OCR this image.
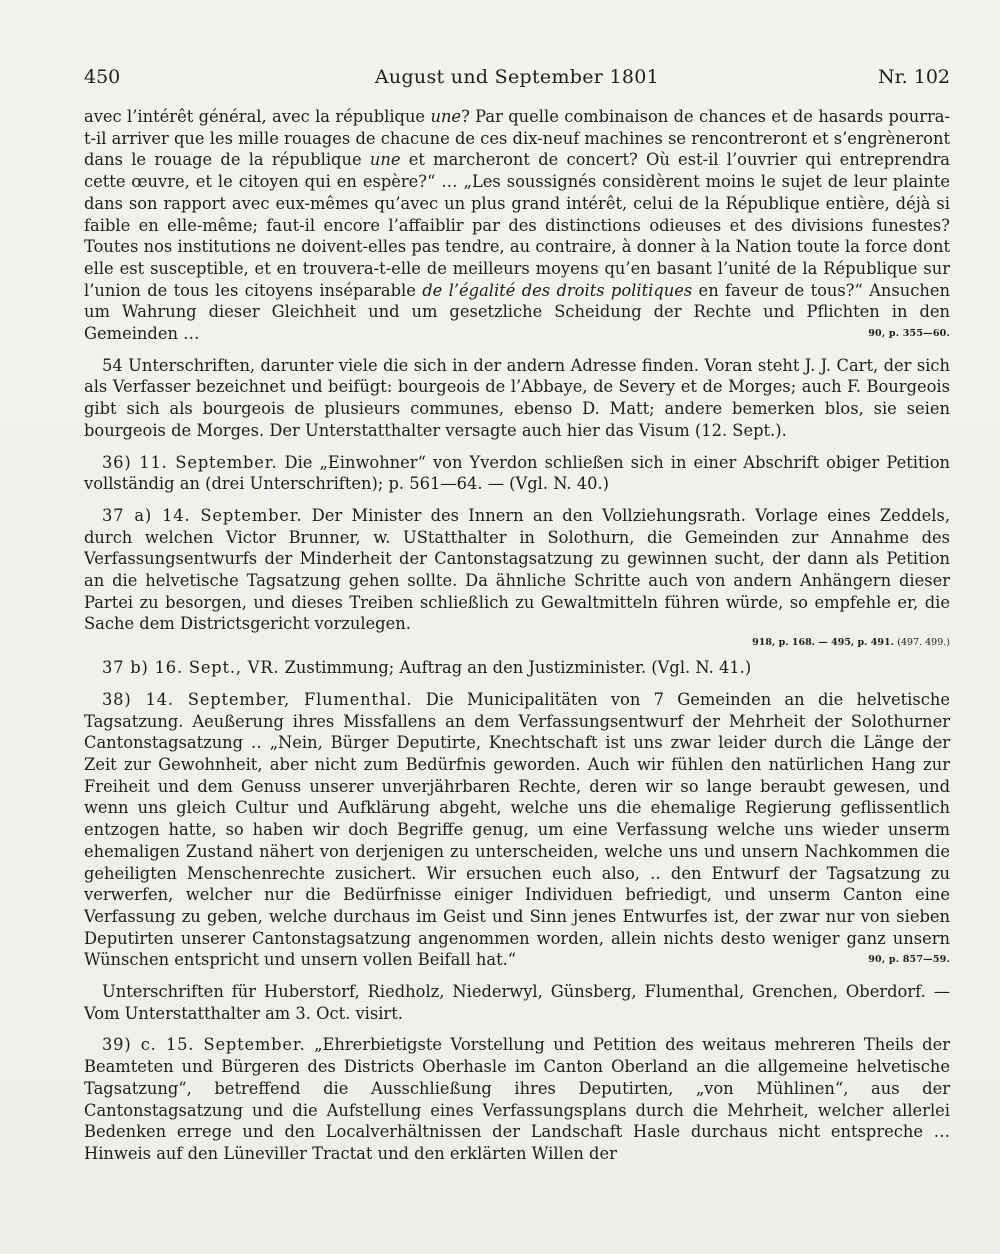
450	August und September 1801	Nr. 102

avec l’intérêt général, avec la république une? Par quelle combinaison de chances et de hasards pourra-t-il arriver que les mille rouages de chacune de ces dix-neuf machines se rencontreront et s’engrèneront dans le rouage de la république une et marcheront de concert? Où est-il l’ouvrier qui entreprendra cette œuvre, et le citoyen qui en espère?“ … „Les soussignés considèrent moins le sujet de leur plainte dans son rapport avec eux-mêmes qu’avec un plus grand intérêt, celui de la République entière, déjà si faible en elle-même; faut-il encore l’affaiblir par des distinctions odieuses et des divisions funestes? Toutes nos institutions ne doivent-elles pas tendre, au contraire, à donner à la Nation toute la force dont elle est susceptible, et en trouvera-t-elle de meilleurs moyens qu’en basant l’unité de la République sur l’union de tous les citoyens inséparable de l’égalité des droits politiques en faveur de tous?“ Ansuchen um Wahrung dieser Gleichheit und um gesetzliche Scheidung der Rechte und Pflichten in den Gemeinden …	90, p. 355—60.

54 Unterschriften, darunter viele die sich in der andern Adresse finden. Voran steht J. J. Cart, der sich als Verfasser bezeichnet und beifügt: bourgeois de l’Abbaye, de Severy et de Morges; auch F. Bourgeois gibt sich als bourgeois de plusieurs communes, ebenso D. Matt; andere bemerken blos, sie seien bourgeois de Morges. Der Unterstatthalter versagte auch hier das Visum (12. Sept.).

36) 11. September. Die „Einwohner“ von Yverdon schließen sich in einer Abschrift obiger Petition vollständig an (drei Unterschriften); p. 561—64. — (Vgl. N. 40.)

37 a) 14. September. Der Minister des Innern an den Vollziehungsrath. Vorlage eines Zeddels, durch welchen Victor Brunner, w. UStatthalter in Solothurn, die Gemeinden zur Annahme des Verfassungsentwurfs der Minderheit der Cantonstagsatzung zu gewinnen sucht, der dann als Petition an die helvetische Tagsatzung gehen sollte. Da ähnliche Schritte auch von andern Anhängern dieser Partei zu besorgen, und dieses Treiben schließlich zu Gewaltmitteln führen würde, so empfehle er, die Sache dem Districtsgericht vorzulegen.

918, p. 168. — 495, p. 491. (497. 499.)

37 b) 16. Sept., VR. Zustimmung; Auftrag an den Justizminister. (Vgl. N. 41.)

38) 14. September, Flumenthal. Die Municipalitäten von 7 Gemeinden an die helvetische Tagsatzung. Aeußerung ihres Missfallens an dem Verfassungsentwurf der Mehrheit der Solothurner Cantonstagsatzung ‥ „Nein, Bürger Deputirte, Knechtschaft ist uns zwar leider durch die Länge der Zeit zur Gewohnheit, aber nicht zum Bedürfnis geworden. Auch wir fühlen den natürlichen Hang zur Freiheit und dem Genuss unserer unverjährbaren Rechte, deren wir so lange beraubt gewesen, und wenn uns gleich Cultur und Aufklärung abgeht, welche uns die ehemalige Regierung geflissentlich entzogen hatte, so haben wir doch Begriffe genug, um eine Verfassung welche uns wieder unserm ehemaligen Zustand nähert von derjenigen zu unterscheiden, welche uns und unsern Nachkommen die geheiligten Menschenrechte zusichert. Wir ersuchen euch also, ‥ den Entwurf der Tagsatzung zu verwerfen, welcher nur die Bedürfnisse einiger Individuen befriedigt, und unserm Canton eine Verfassung zu geben, welche durchaus im Geist und Sinn jenes Entwurfes ist, der zwar nur von sieben Deputirten unserer Cantonstagsatzung angenommen worden, allein nichts desto weniger ganz unsern Wünschen entspricht und unsern vollen Beifall hat.“	90, p. 857—59.

Unterschriften für Huberstorf, Riedholz, Niederwyl, Günsberg, Flumenthal, Grenchen, Oberdorf. — Vom Unterstatthalter am 3. Oct. visirt.

39) c. 15. September. „Ehrerbietigste Vorstellung und Petition des weitaus mehreren Theils der Beamteten und Bürgeren des Districts Oberhasle im Canton Oberland an die allgemeine helvetische Tagsatzung“, betreffend die Ausschließung ihres Deputirten, „von Mühlinen“, aus der Cantonstagsatzung und die Aufstellung eines Verfassungsplans durch die Mehrheit, welcher allerlei Bedenken errege und den Localverhältnissen der Landschaft Hasle durchaus nicht entspreche … Hinweis auf den Lüneviller Tractat und den erklärten Willen der
